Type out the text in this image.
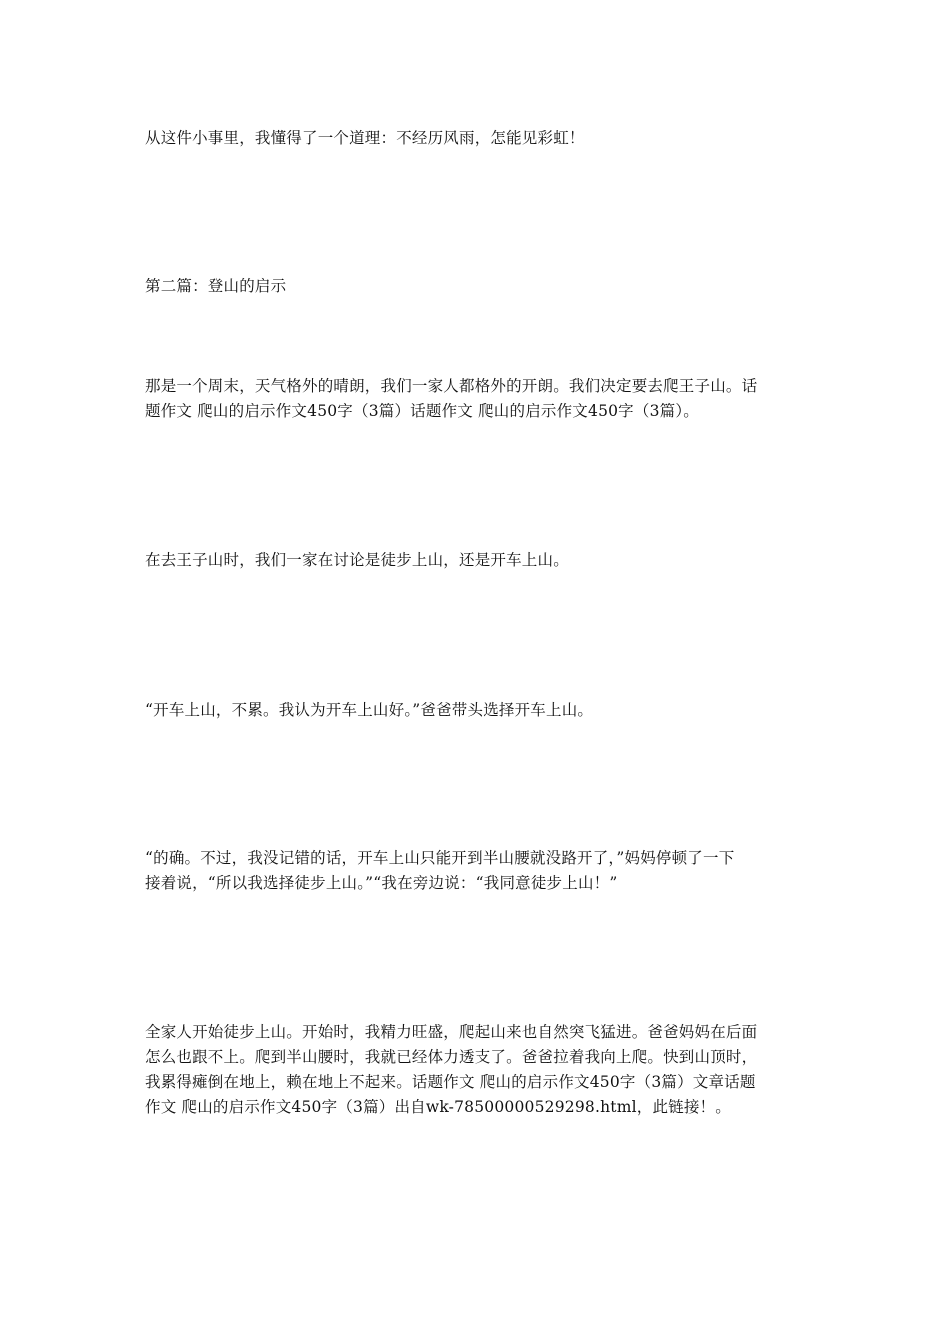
从这件小事里，我懂得了一个道理：不经历风雨，怎能见彩虹！

第二篇：登山的启示

那是一个周末，天气格外的晴朗，我们一家人都格外的开朗。我们决定要去爬王子山。话
题作文 爬山的启示作文450字（3篇）话题作文 爬山的启示作文450字（3篇）。

在去王子山时，我们一家在讨论是徒步上山，还是开车上山。

“开车上山，不累。我认为开车上山好。”爸爸带头选择开车上山。

“的确。不过，我没记错的话，开车上山只能开到半山腰就没路开了，”妈妈停顿了一下
接着说，“所以我选择徒步上山。”“我在旁边说：“我同意徒步上山！”

全家人开始徒步上山。开始时，我精力旺盛，爬起山来也自然突飞猛进。爸爸妈妈在后面
怎么也跟不上。爬到半山腰时，我就已经体力透支了。爸爸拉着我向上爬。快到山顶时，
我累得瘫倒在地上，赖在地上不起来。话题作文 爬山的启示作文450字（3篇）文章话题
作文 爬山的启示作文450字（3篇）出自wk-78500000529298.html，此链接！。
